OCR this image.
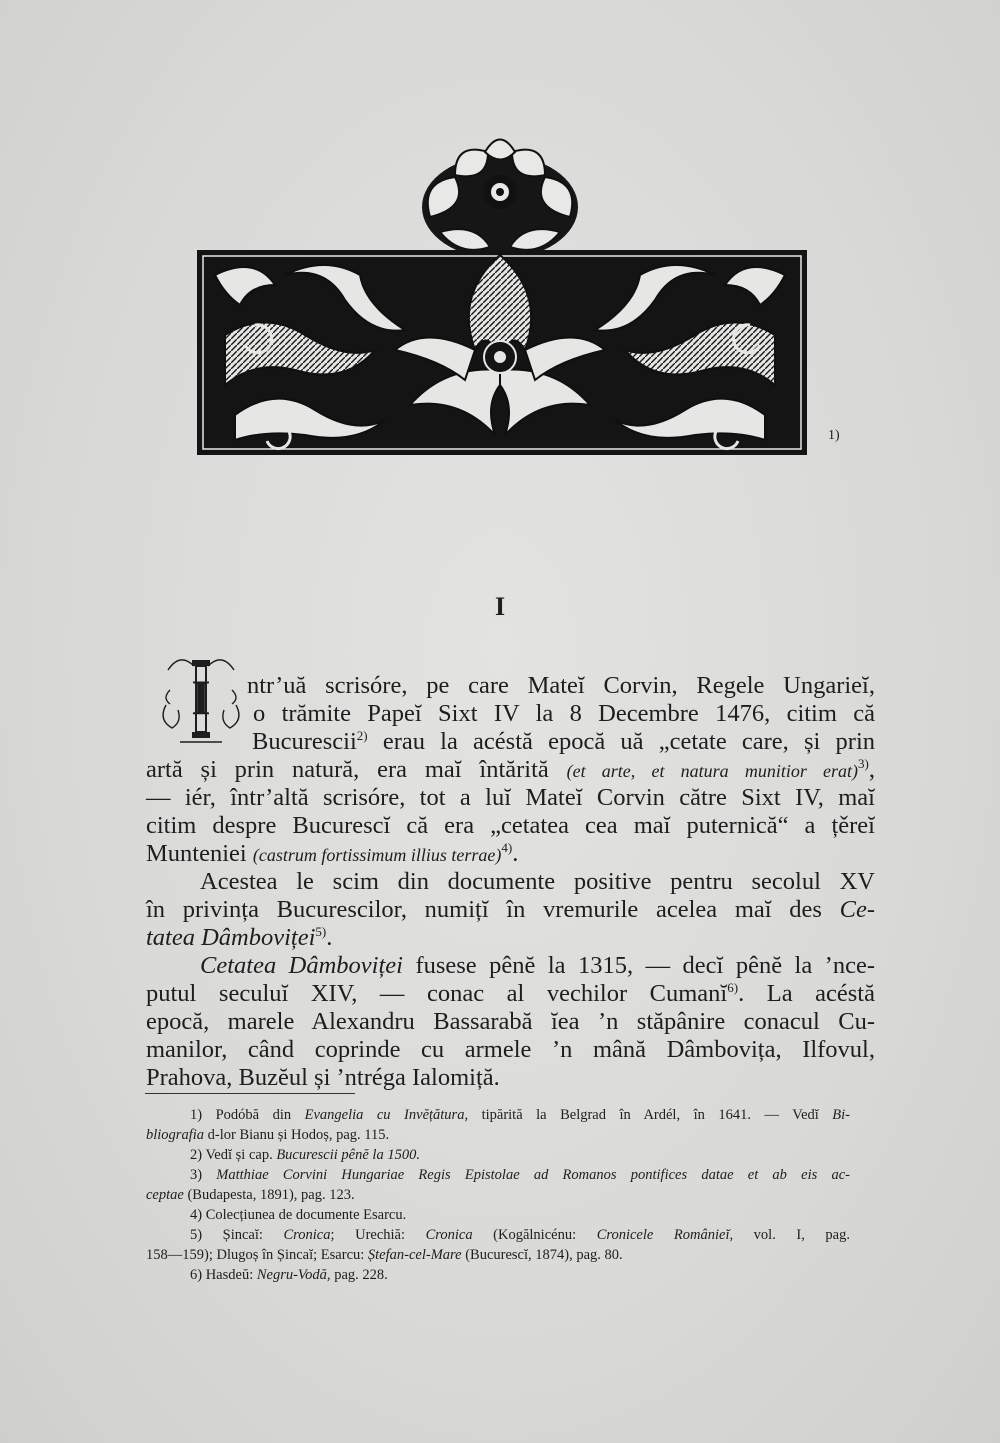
1)
I
I ntr’uă scrisóre, pe care Mateĭ Corvin, Regele Ungarieĭ,
o trămite Papeĭ Sixt IV la 8 Decembre 1476, citim că
Bucurescii$^{2)}$ erau la acéstă epocă uă „cetate care, și prin
artă și prin natură, era maĭ întărită (et arte, et natura munitior erat)$^{3)}$,
— iér, într’altă scrisóre, tot a luĭ Mateĭ Corvin către Sixt IV, maĭ
citim despre Bucurescĭ că era „cetatea cea maĭ puternică“ a țěreĭ
Munteniei (castrum fortissimum illius terrae)$^{4)}$.
Acestea le scim din documente positive pentru secolul XV
în privința Bucurescilor, numițĭ în vremurile acelea maĭ des Ce-
tatea Dâmboviței$^{5)}$.
Cetatea Dâmboviței fusese pênĕ la 1315, — decĭ pênĕ la ’nce-
putul seculuĭ XIV, — conac al vechilor Cumanĭ$^{6)}$. La acéstă
epocă, marele Alexandru Bassarabă ĭea ’n stăpânire conacul Cu-
manilor, când coprinde cu armele ’n mână Dâmbovița, Ilfovul,
Prahova, Buzĕul și ’ntrégа Ialomiță.
1) Podóbă din Evangelia cu Invĕțătura, tipărită la Belgrad în Ardél, în 1641. — Vedĭ Bi-
bliografia d-lor Bianu și Hodoș, pag. 115.
2) Vedĭ și cap. Bucurescii pênĕ la 1500.
3) Matthiae Corvini Hungariae Regis Epistolae ad Romanos pontifices datae et ab eis ac-
ceptae (Budapesta, 1891), pag. 123.
4) Colecțiunea de documente Esarcu.
5) Șincaĭ: Cronica; Urechiă: Cronica (Kogălnicénu: Cronicele Româniеĭ, vol. I, pag.
158—159); Dlugoș în Șincaĭ; Esarcu: Ștefan-cel-Mare (Bucurescĭ, 1874), pag. 80.
6) Hasdeŭ: Negru-Vodă, pag. 228.
